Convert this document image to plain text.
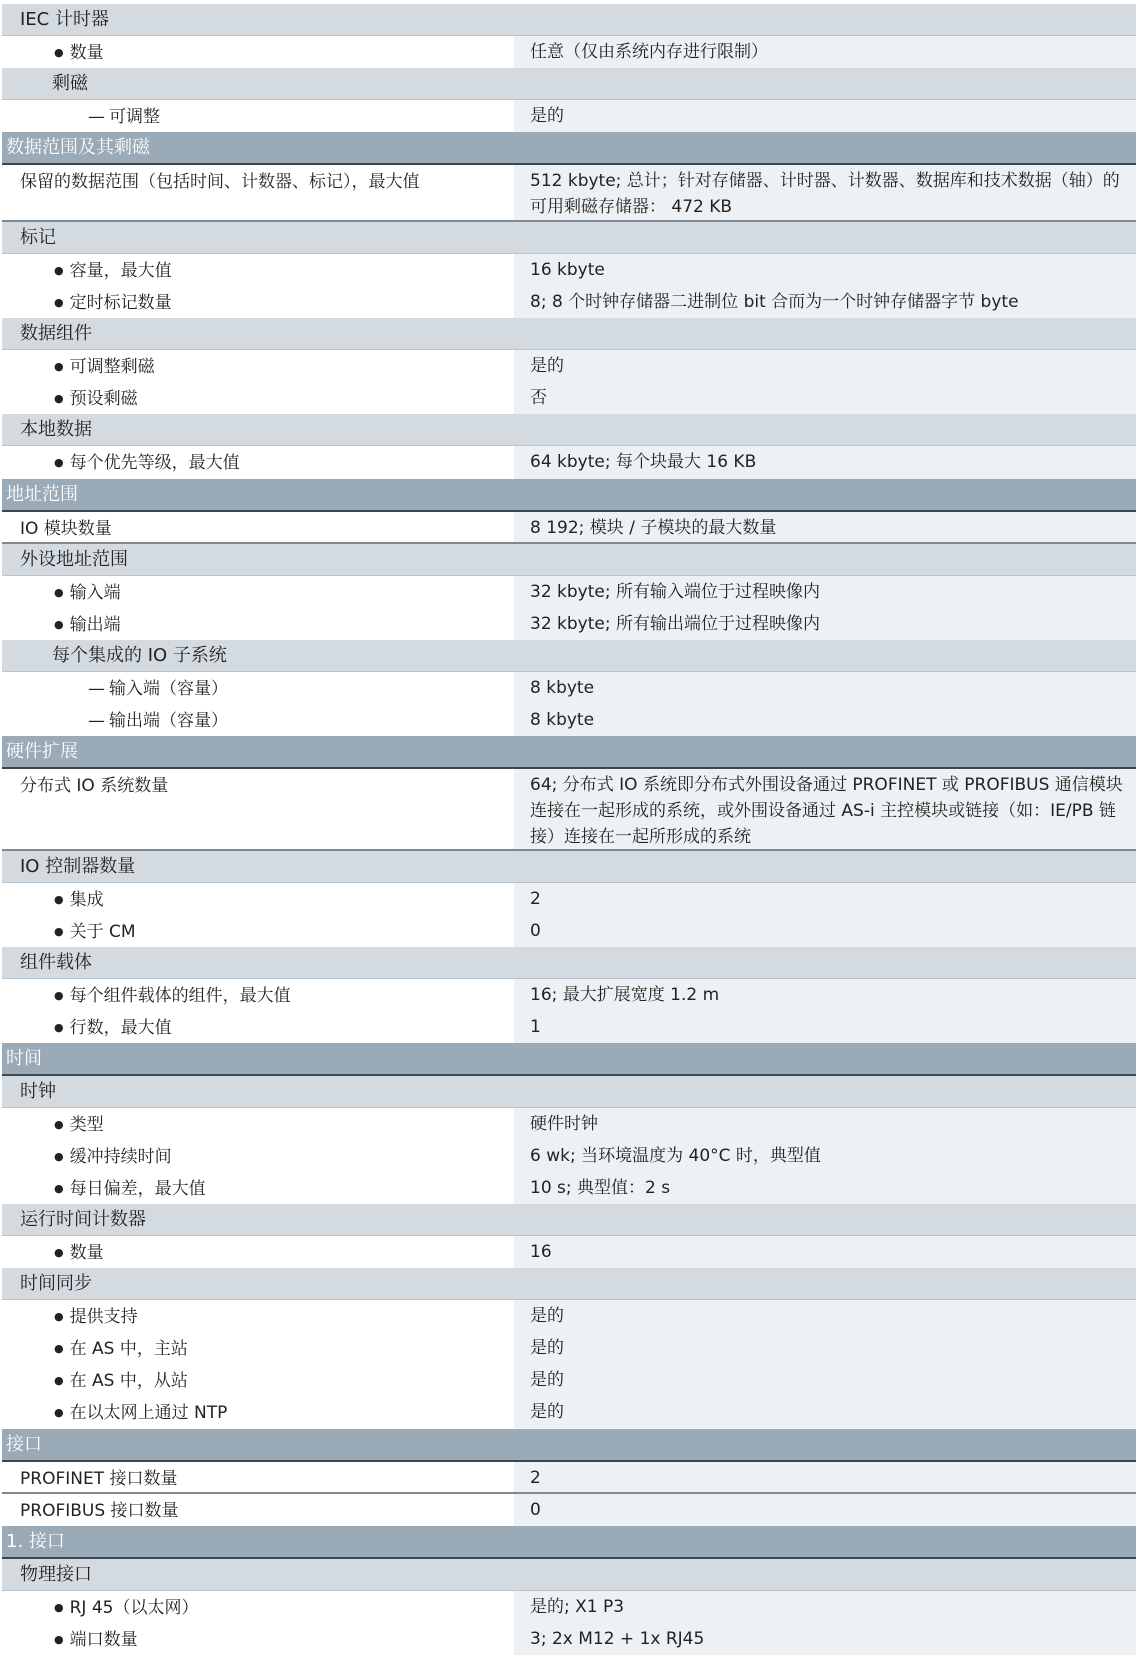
IEC 计时器
● 数量	任意（仅由系统内存进行限制）
剩磁
— 可调整	是的
数据范围及其剩磁
保留的数据范围（包括时间、计数器、标记），最大值	512 kbyte; 总计；针对存储器、计时器、计数器、数据库和技术数据（轴）的可用剩磁存储器： 472 KB
标记
● 容量，最大值	16 kbyte
● 定时标记数量	8; 8 个时钟存储器二进制位 bit 合而为一个时钟存储器字节 byte
数据组件
● 可调整剩磁	是的
● 预设剩磁	否
本地数据
● 每个优先等级，最大值	64 kbyte; 每个块最大 16 KB
地址范围
IO 模块数量	8 192; 模块 / 子模块的最大数量
外设地址范围
● 输入端	32 kbyte; 所有输入端位于过程映像内
● 输出端	32 kbyte; 所有输出端位于过程映像内
每个集成的 IO 子系统
— 输入端（容量）	8 kbyte
— 输出端（容量）	8 kbyte
硬件扩展
分布式 IO 系统数量	64; 分布式 IO 系统即分布式外围设备通过 PROFINET 或 PROFIBUS 通信模块连接在一起形成的系统，或外围设备通过 AS-i 主控模块或链接（如：IE/PB 链接）连接在一起所形成的系统
IO 控制器数量
● 集成	2
● 关于 CM	0
组件载体
● 每个组件载体的组件，最大值	16; 最大扩展宽度 1.2 m
● 行数，最大值	1
时间
时钟
● 类型	硬件时钟
● 缓冲持续时间	6 wk; 当环境温度为 40°C 时，典型值
● 每日偏差，最大值	10 s; 典型值：2 s
运行时间计数器
● 数量	16
时间同步
● 提供支持	是的
● 在 AS 中，主站	是的
● 在 AS 中，从站	是的
● 在以太网上通过 NTP	是的
接口
PROFINET 接口数量	2
PROFIBUS 接口数量	0
1. 接口
物理接口
● RJ 45（以太网）	是的; X1 P3
● 端口数量	3; 2x M12 + 1x RJ45
